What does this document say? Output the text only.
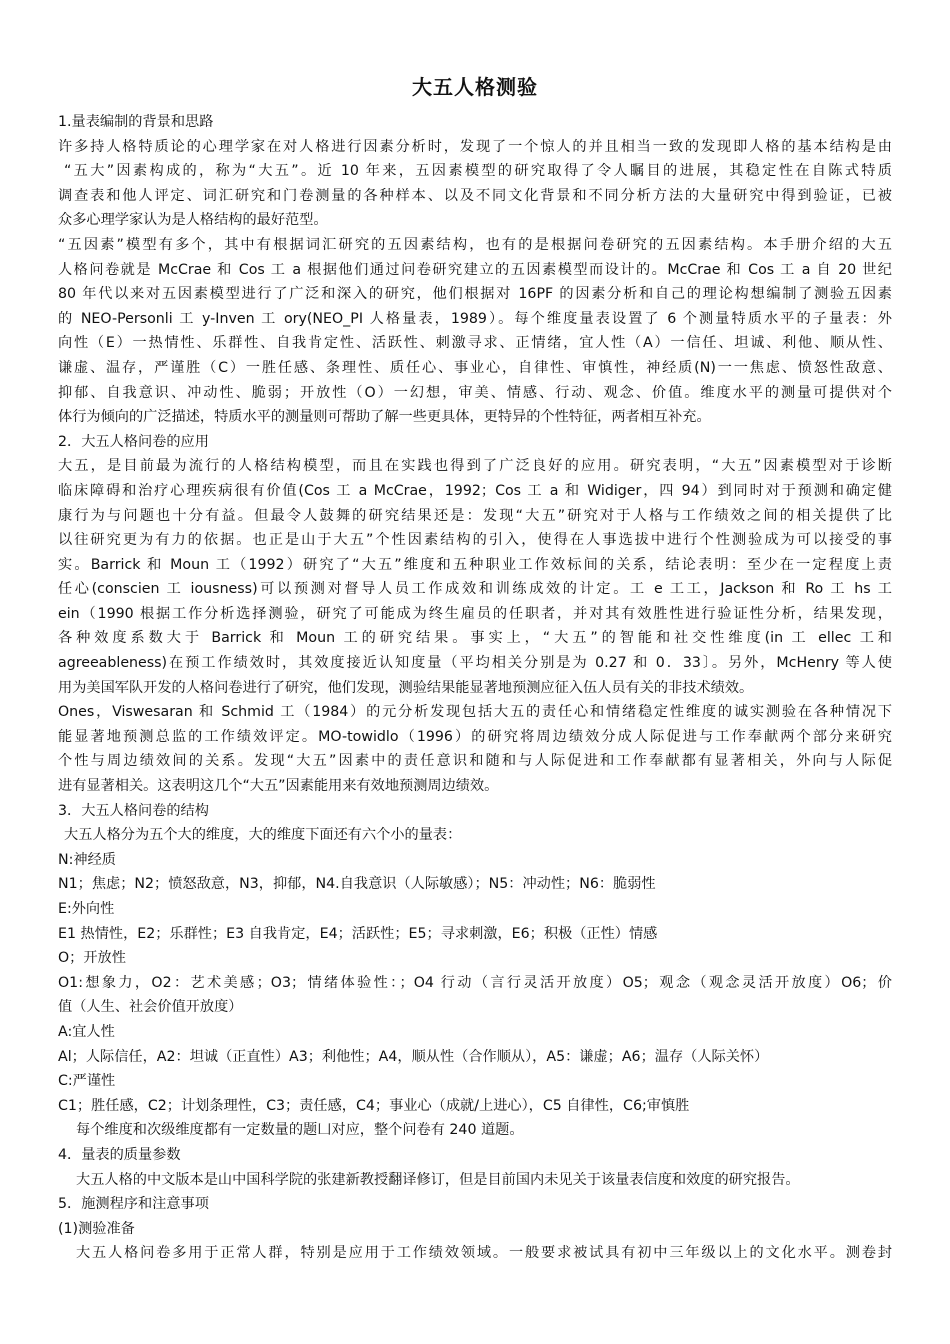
大五人格测验

1.量表编制的背景和思路

许多持人格特质论的心理学家在对人格进行因素分析时，发现了一个惊人的并且相当一致的发现即人格的基本结构是由

“五大”因素构成的，称为“大五”。近 10 年来，五因素模型的研究取得了令人瞩目的进展，其稳定性在自陈式特质

调查表和他人评定、词汇研究和门卷测量的各种样本、以及不同文化背景和不同分析方法的大量研究中得到验证，已被

众多心理学家认为是人格结构的最好范型。

“五因素”模型有多个，其中有根据词汇研究的五因素结构，也有的是根据问卷研究的五因素结构。本手册介绍的大五

人格问卷就是 McCrae 和 Cos 工 a 根据他们通过问卷研究建立的五因素模型而设计的。McCrae 和 Cos 工 a 自 20 世纪

80 年代以来对五因素模型进行了广泛和深入的研究，他们根据对 16PF 的因素分析和自己的理论构想编制了测验五因素

的 NEO-Personli 工 y-Inven 工 ory(NEO_PI 人格量表，1989）。每个维度量表设置了 6 个测量特质水平的子量表：外

向性（E）一热情性、乐群性、自我肯定性、活跃性、刺激寻求、正情绪，宜人性（A）一信任、坦诚、利他、顺从性、

谦虚、温存，严谨胜（C）一胜任感、条理性、质任心、事业心，自律性、审慎性，神经质(N)一一焦虑、愤怒性敌意、

抑郁、自我意识、冲动性、脆弱；开放性（O）一幻想，审美、情感、行动、观念、价值。维度水平的测量可提供对个

体行为倾向的广泛描述，特质水平的测量则可帮助了解一些更具体，更特异的个性特征，两者相互补充。

2．大五人格问卷的应用

大五，是目前最为流行的人格结构模型，而且在实践也得到了广泛良好的应用。研究表明，“大五”因素模型对于诊断

临床障碍和治疗心理疾病很有价值(Cos 工 a McCrae，1992；Cos 工 a 和 Widiger，四 94）到同时对于预测和确定健

康行为与问题也十分有益。但最令人鼓舞的研究结果还是：发现“大五”研究对于人格与工作绩效之间的相关提供了比

以往研究更为有力的依据。也正是山于大五”个性因素结构的引入，使得在人事选拔中进行个性测验成为可以接受的事

实。Barrick 和 Moun 工（1992）研究了“大五”维度和五种职业工作效标间的关系，结论表明：至少在一定程度上责

任心(conscien 工 iousness)可以预测对督导人员工作成效和训练成效的计定。工 e 工工，Jackson 和 Ro 工 hs 工

ein（1990 根据工作分析选择测验，研究了可能成为终生雇员的任职者，并对其有效胜性进行验证性分析，结果发现，

各种效度系数大于 Barrick 和 Moun 工的研究结果。事实上，“大五”的智能和社交性维度(in 工 ellec 工和

agreeableness)在预工作绩效时，其效度接近认知度量（平均相关分别是为 0.27 和 0．33〕。另外，McHenry 等人使

用为美国军队开发的人格问卷进行了研究，他们发现，测验结果能显著地预测应征入伍人员有关的非技术绩效。

Ones，Viswesaran 和 Schmid 工（1984）的元分析发现包括大五的责任心和情绪稳定性维度的诚实测验在各种情况下

能显著地预测总监的工作绩效评定。MO-towidlo（1996）的研究将周边绩效分成人际促进与工作奉献两个部分来研究

个性与周边绩效间的关系。发现“大五”因素中的责任意识和随和与人际促进和工作奉献都有显著相关，外向与人际促

进有显著相关。这表明这几个“大五”因素能用来有效地预测周边绩效。

3．大五人格问卷的结构

大五人格分为五个大的维度，大的维度下面还有六个小的量表：

N:神经质

N1；焦虑；N2；愤怒敌意，N3，抑郁，N4.自我意识（人际敏感）；N5：冲动性；N6：脆弱性

E:外向性

E1 热情性，E2；乐群性；E3 自我肯定，E4；活跃性；E5；寻求刺激，E6；积极（正性）情感

O；开放性

O1:想象力，O2：艺术美感；O3；情绪体验性：；O4 行动（言行灵活开放度）O5；观念（观念灵活开放度）O6；价

值（人生、社会价值开放度）

A:宜人性

Al；人际信任，A2：坦诚（正直性）A3；利他性；A4，顺从性（合作顺从），A5：谦虚；A6；温存（人际关怀）

C:严谨性

C1；胜任感，C2；计划条理性，C3；责任感，C4；事业心（成就/上进心），C5 自律性，C6;审慎胜

每个维度和次级维度都有一定数量的题凵对应，整个问卷有 240 道题。

4．量表的质量参数

大五人格的中文版本是山中国科学院的张建新教授翻译修订，但是目前国内未见关于该量表信度和效度的研究报告。

5．施测程序和注意事项

(1)测验准备

大五人格问卷多用于正常人群，特别是应用于工作绩效领域。一般要求被试具有初中三年级以上的文化水平。测卷封
